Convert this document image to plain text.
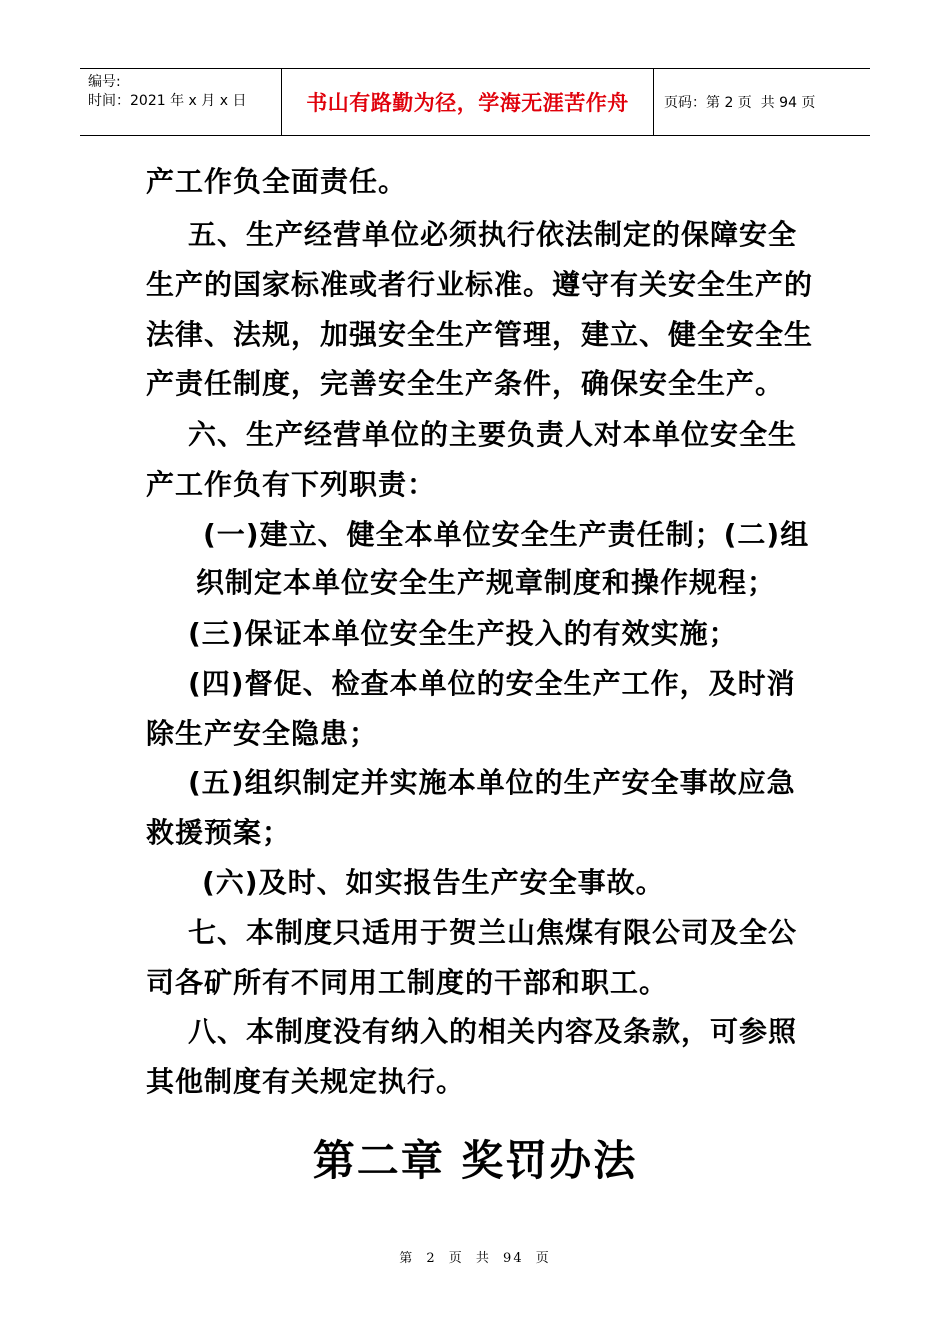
编号:
时间：2021 年 x 月 x 日	书山有路勤为径，学海无涯苦作舟	页码：第 2 页  共 94 页
产工作负全面责任。
五、生产经营单位必须执行依法制定的保障安全
生产的国家标准或者行业标准。遵守有关安全生产的
法律、法规，加强安全生产管理，建立、健全安全生
产责任制度，完善安全生产条件，确保安全生产。
六、生产经营单位的主要负责人对本单位安全生
产工作负有下列职责：
(一)建立、健全本单位安全生产责任制；(二)组
织制定本单位安全生产规章制度和操作规程；
(三)保证本单位安全生产投入的有效实施；
(四)督促、检查本单位的安全生产工作，及时消
除生产安全隐患；
(五)组织制定并实施本单位的生产安全事故应急
救援预案；
(六)及时、如实报告生产安全事故。
七、本制度只适用于贺兰山焦煤有限公司及全公
司各矿所有不同用工制度的干部和职工。
八、本制度没有纳入的相关内容及条款，可参照
其他制度有关规定执行。
第二章 奖罚办法
第 2 页 共 94 页
